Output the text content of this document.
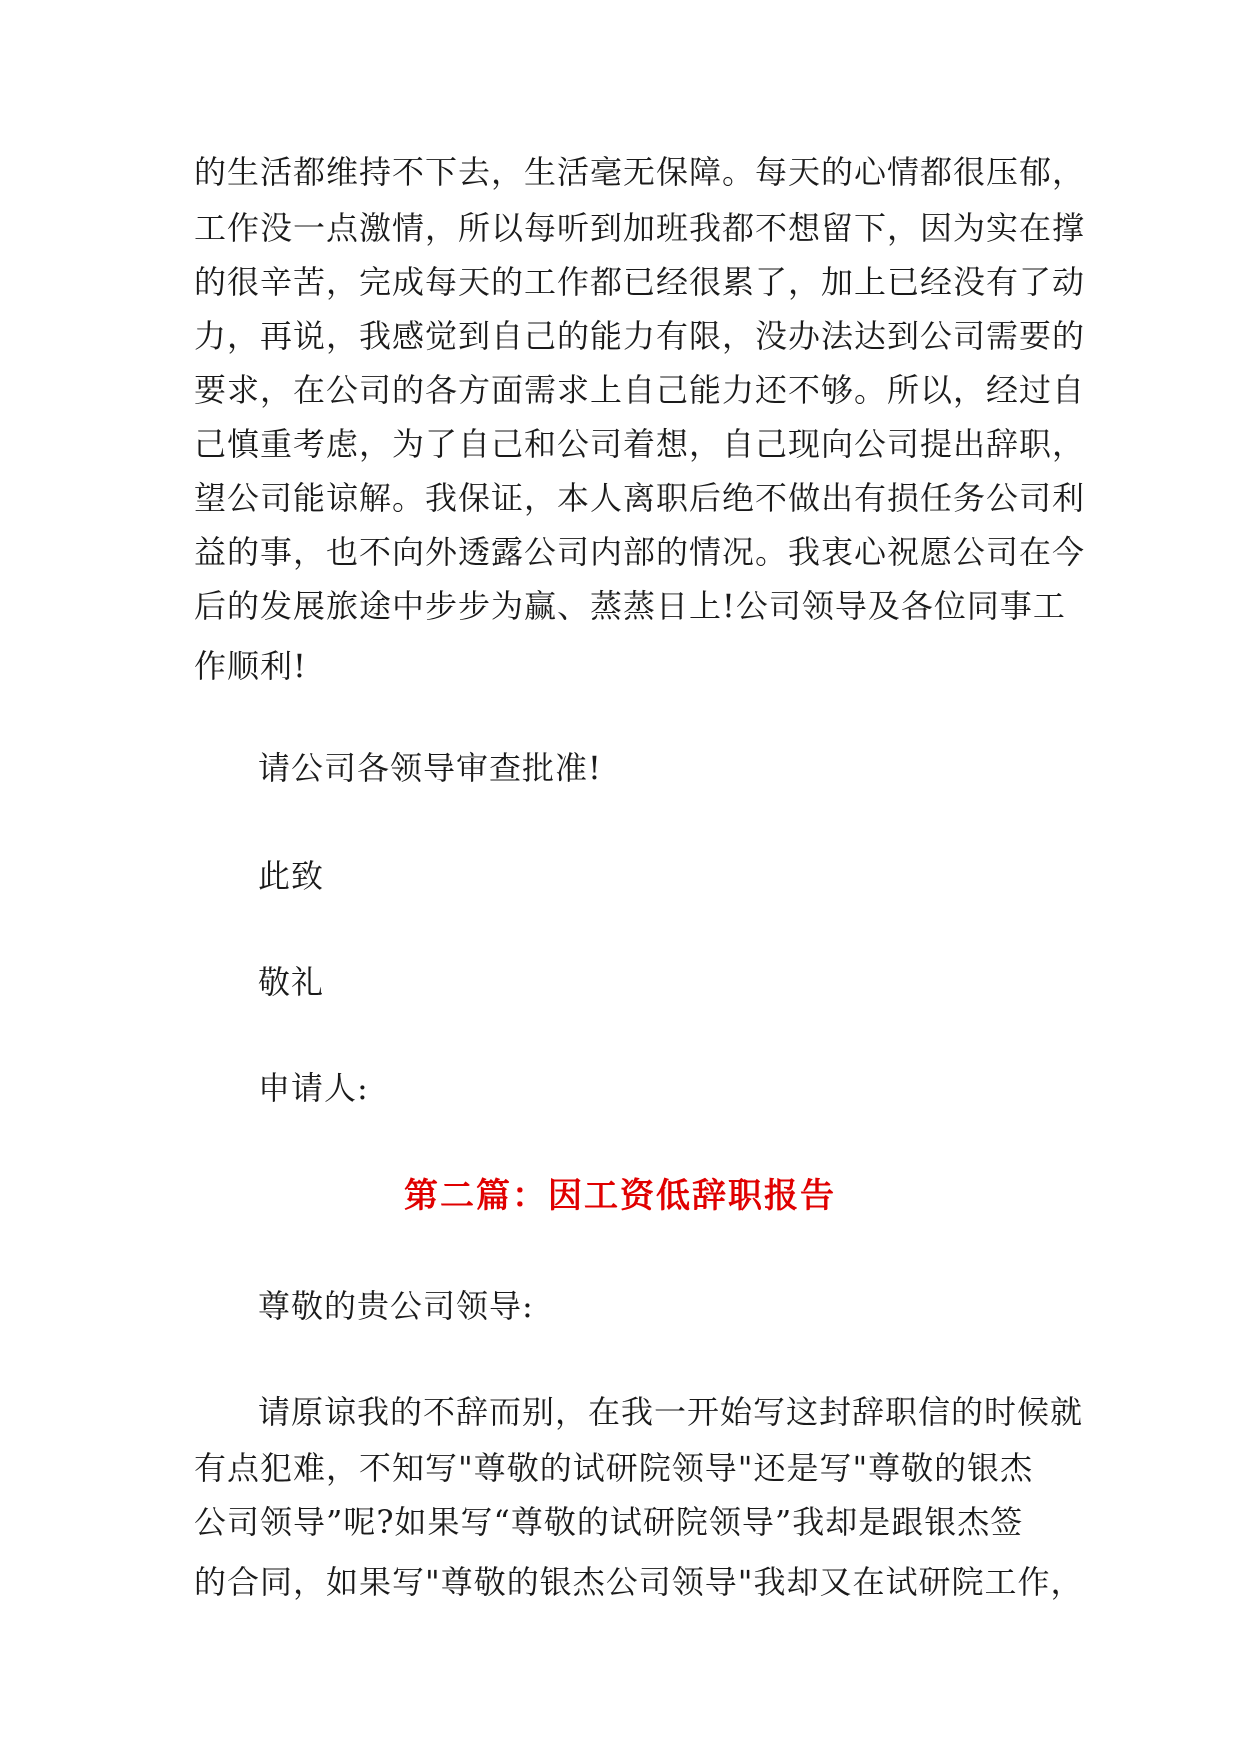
的生活都维持不下去，生活毫无保障。每天的心情都很压郁，
工作没一点激情，所以每听到加班我都不想留下，因为实在撑
的很辛苦，完成每天的工作都已经很累了，加上已经没有了动
力，再说，我感觉到自己的能力有限，没办法达到公司需要的
要求，在公司的各方面需求上自己能力还不够。所以，经过自
己慎重考虑，为了自己和公司着想，自己现向公司提出辞职，
望公司能谅解。我保证，本人离职后绝不做出有损任务公司利
益的事，也不向外透露公司内部的情况。我衷心祝愿公司在今
后的发展旅途中步步为赢、蒸蒸日上!公司领导及各位同事工
作顺利!
请公司各领导审查批准!
此致
敬礼
申请人:
第二篇：因工资低辞职报告
尊敬的贵公司领导:
请原谅我的不辞而别，在我一开始写这封辞职信的时候就
有点犯难，不知写"尊敬的试研院领导"还是写"尊敬的银杰
公司领导”呢?如果写“尊敬的试研院领导”我却是跟银杰签
的合同，如果写"尊敬的银杰公司领导"我却又在试研院工作，
